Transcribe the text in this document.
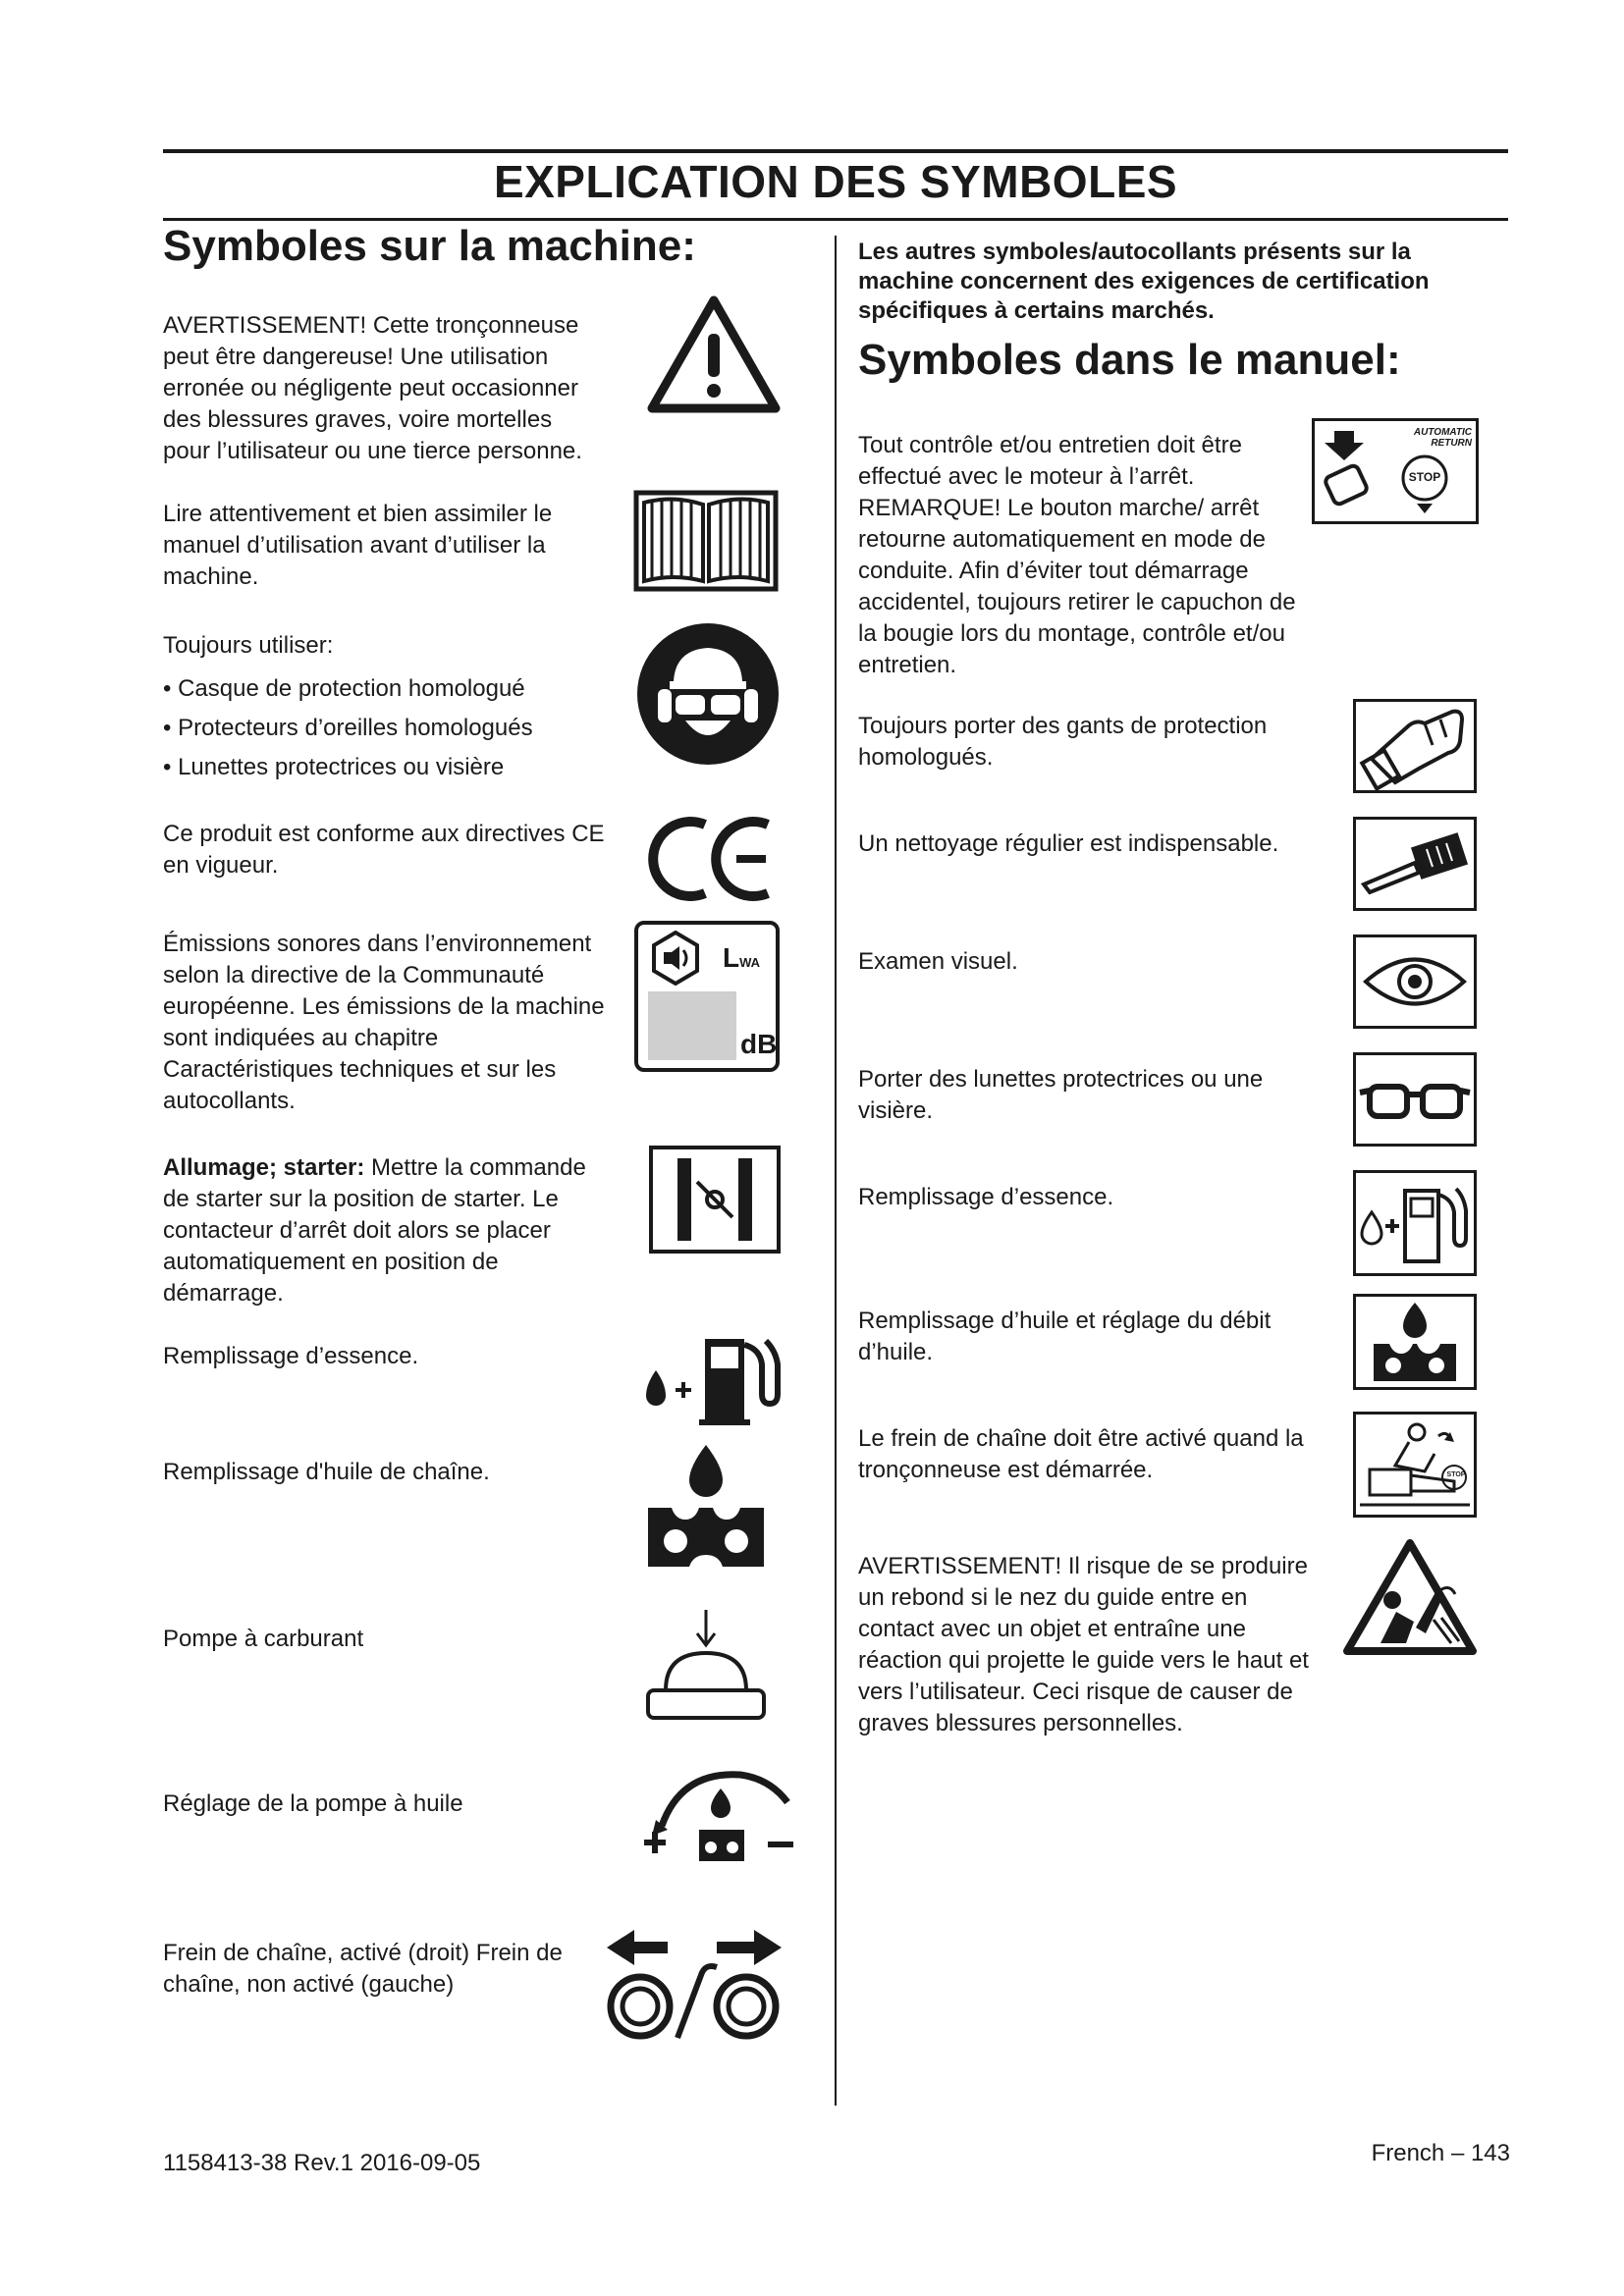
EXPLICATION DES SYMBOLES
Symboles sur la machine:
AVERTISSEMENT! Cette tronçonneuse peut être dangereuse! Une utilisation erronée ou négligente peut occasionner des blessures graves, voire mortelles pour l’utilisateur ou une tierce personne.
Lire attentivement et bien assimiler le manuel d’utilisation avant d’utiliser la machine.
Toujours utiliser:
• Casque de protection homologué
• Protecteurs d’oreilles homologués
• Lunettes protectrices ou visière
Ce produit est conforme aux directives CE en vigueur.
Émissions sonores dans l’environnement selon la directive de la Communauté européenne. Les émissions de la machine sont indiquées au chapitre Caractéristiques techniques et sur les autocollants.
LWA
dB
Allumage; starter: Mettre la commande de starter sur la position de starter. Le contacteur d’arrêt doit alors se placer automatiquement en position de démarrage.
Remplissage d’essence.
Remplissage d'huile de chaîne.
Pompe à carburant
Réglage de la pompe à huile
Frein de chaîne, activé (droit) Frein de chaîne, non activé (gauche)
Les autres symboles/autocollants présents sur la machine concernent des exigences de certification spécifiques à certains marchés.
Symboles dans le manuel:
Tout contrôle et/ou entretien doit être effectué avec le moteur à l’arrêt.
REMARQUE! Le bouton marche/ arrêt retourne automatiquement en mode de conduite. Afin d’éviter tout démarrage accidentel, toujours retirer le capuchon de la bougie lors du montage, contrôle et/ou entretien.
AUTOMATIC RETURN
STOP
Toujours porter des gants de protection homologués.
Un nettoyage régulier est indispensable.
Examen visuel.
Porter des lunettes protectrices ou une visière.
Remplissage d’essence.
Remplissage d’huile et réglage du débit d’huile.
Le frein de chaîne doit être activé quand la tronçonneuse est démarrée.	STOP
AVERTISSEMENT! Il risque de se produire un rebond si le nez du guide entre en contact avec un objet et entraîne une réaction qui projette le guide vers le haut et vers l’utilisateur. Ceci risque de causer de graves blessures personnelles.
1158413-38 Rev.1 2016-09-05	French – 143
